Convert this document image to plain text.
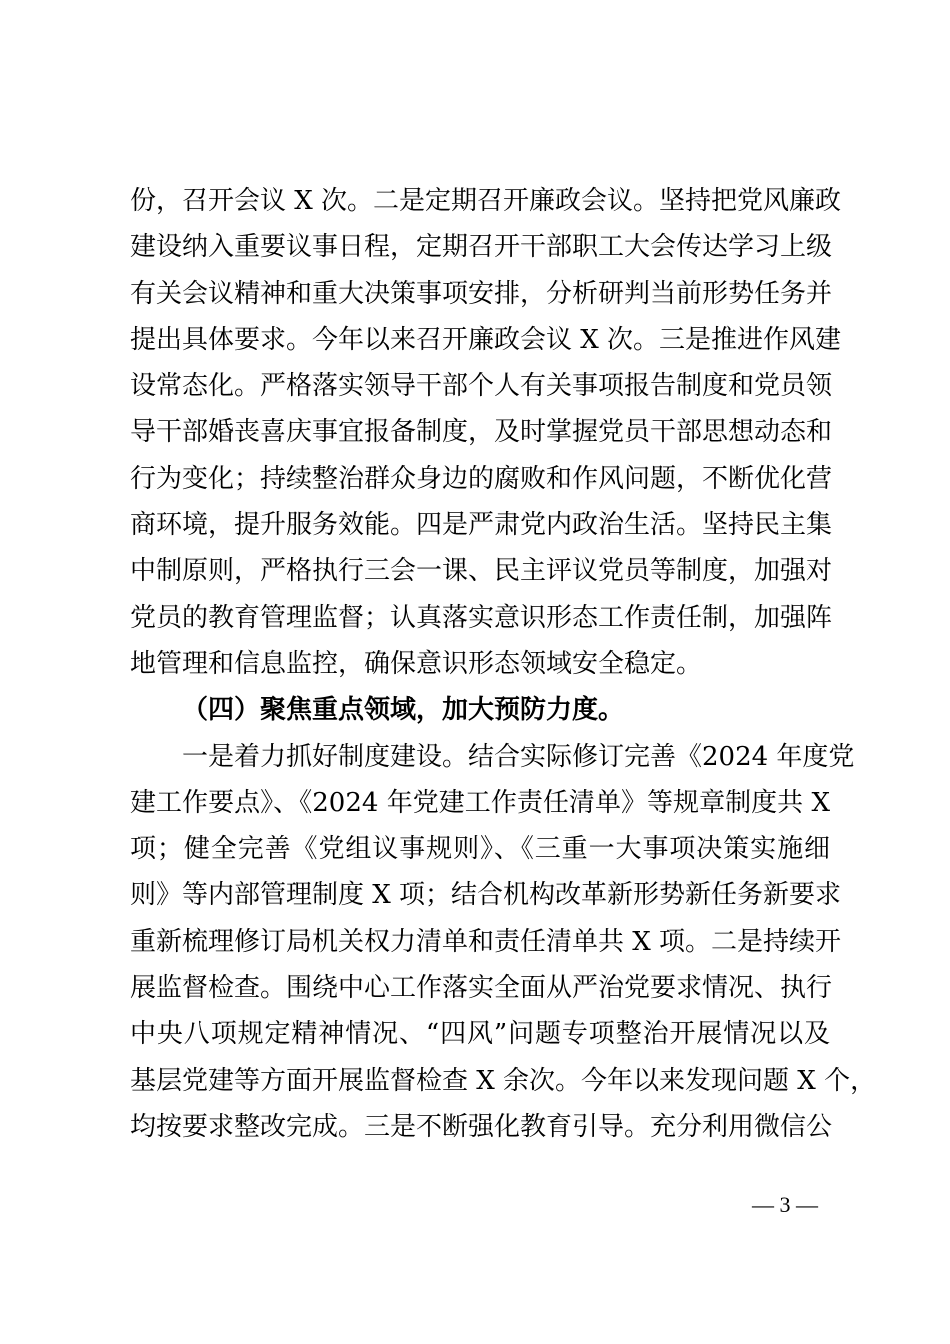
份，召开会议 X 次。二是定期召开廉政会议。坚持把党风廉政
建设纳入重要议事日程，定期召开干部职工大会传达学习上级
有关会议精神和重大决策事项安排，分析研判当前形势任务并
提出具体要求。今年以来召开廉政会议 X 次。三是推进作风建
设常态化。严格落实领导干部个人有关事项报告制度和党员领
导干部婚丧喜庆事宜报备制度，及时掌握党员干部思想动态和
行为变化；持续整治群众身边的腐败和作风问题，不断优化营
商环境，提升服务效能。四是严肃党内政治生活。坚持民主集
中制原则，严格执行三会一课、民主评议党员等制度，加强对
党员的教育管理监督；认真落实意识形态工作责任制，加强阵
地管理和信息监控，确保意识形态领域安全稳定。
（四）聚焦重点领域，加大预防力度。
　　一是着力抓好制度建设。结合实际修订完善《2024 年度党
建工作要点》、《2024 年党建工作责任清单》等规章制度共 X
项；健全完善《党组议事规则》、《三重一大事项决策实施细
则》等内部管理制度 X 项；结合机构改革新形势新任务新要求
重新梳理修订局机关权力清单和责任清单共 X 项。二是持续开
展监督检查。围绕中心工作落实全面从严治党要求情况、执行
中央八项规定精神情况、“四风”问题专项整治开展情况以及
基层党建等方面开展监督检查 X 余次。今年以来发现问题 X 个，
均按要求整改完成。三是不断强化教育引导。充分利用微信公
— 3 —
